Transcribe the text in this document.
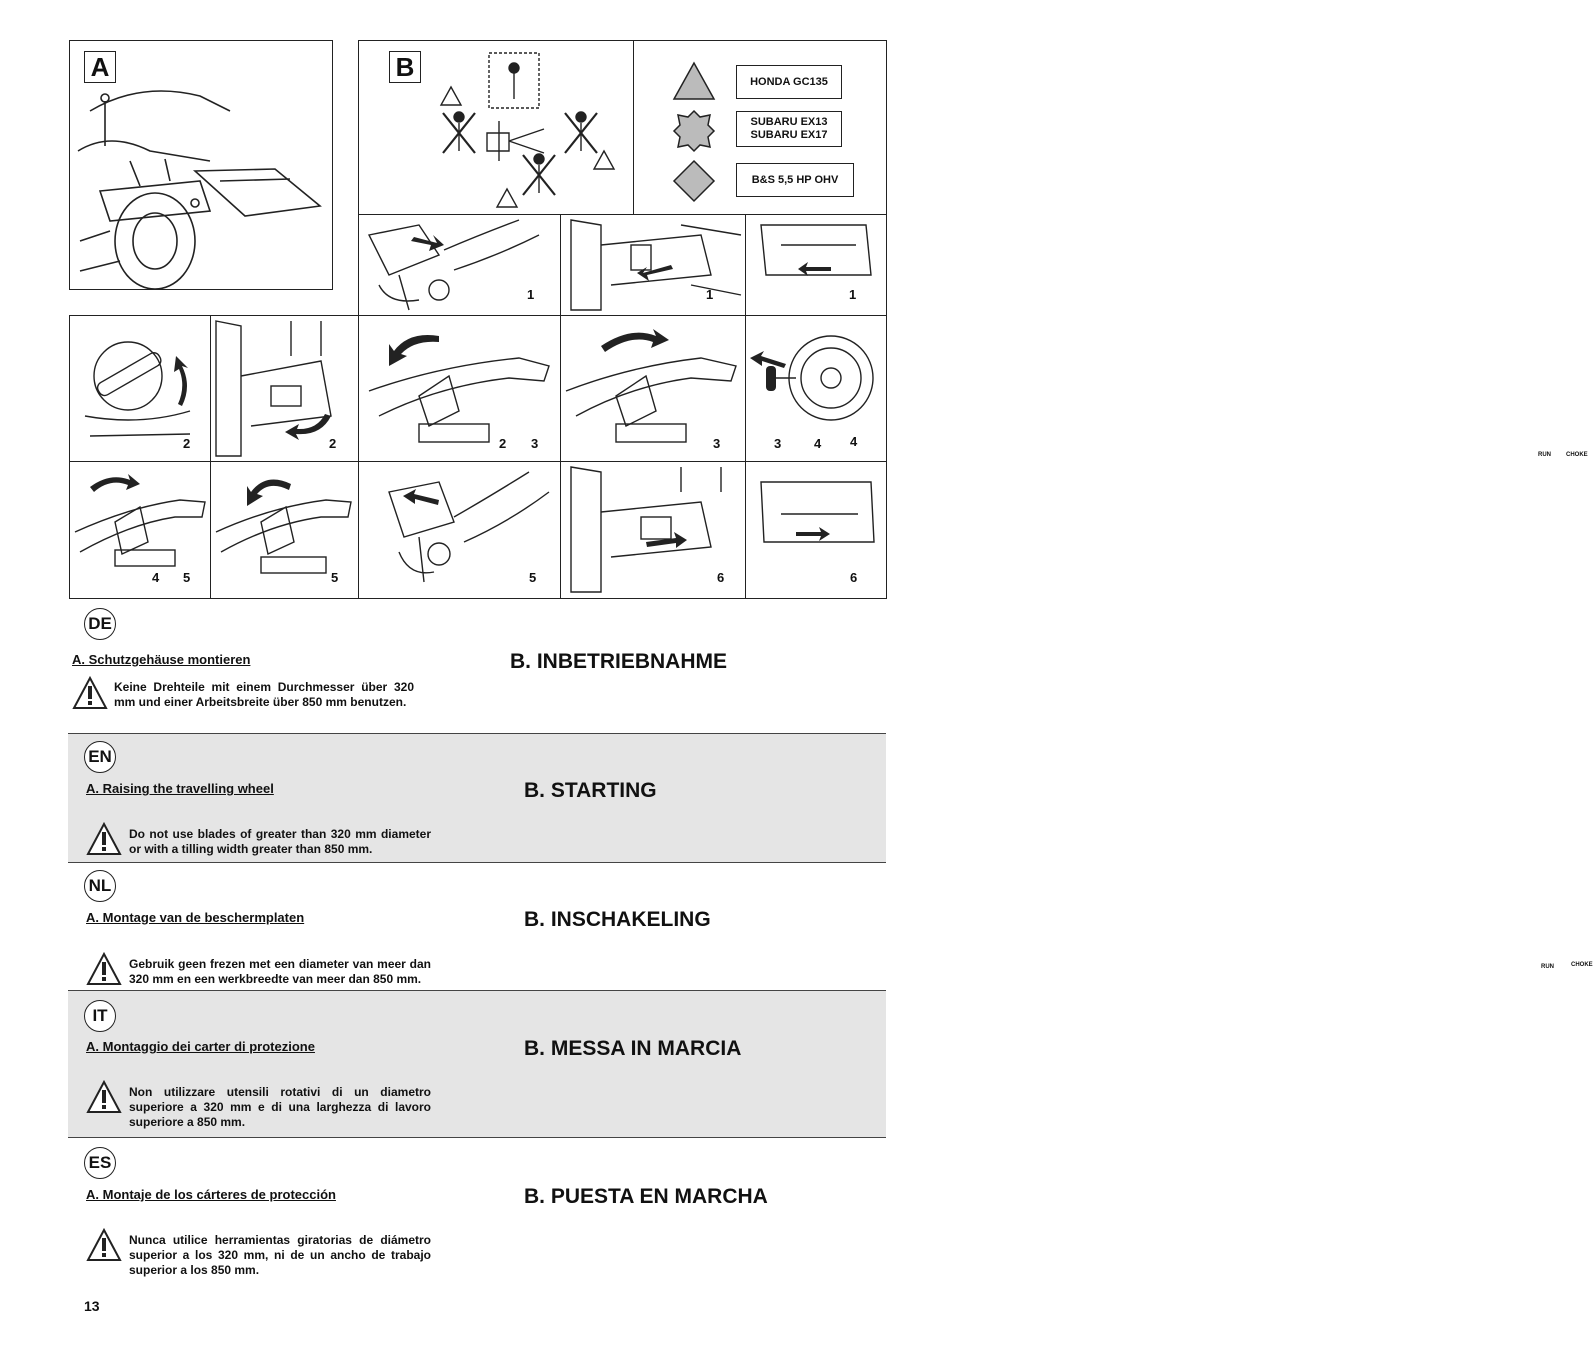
A	B	HONDA GC135
SUBARU EX13
SUBARU EX17
B&S 5,5 HP OHV
1	1
RUN	CHOKE
1
2	2	2 3	3	3	4 4
4 5	5	5	6
RUN	CHOKE
6
DE
A. Schutzgehäuse montieren
Keine Drehteile mit einem Durchmesser über 320 mm und einer Arbeitsbreite über 850 mm benutzen.
B. INBETRIEBNAHME
EN
A. Raising the travelling wheel
Do not use blades of greater than 320 mm diameter or with a tilling width greater than 850 mm.
B. STARTING
NL
A. Montage van de beschermplaten
Gebruik geen frezen met een diameter van meer dan 320 mm en een werkbreedte van meer dan 850 mm.
B. INSCHAKELING
IT
A. Montaggio dei carter di protezione
Non utilizzare utensili rotativi di un diametro superiore a 320 mm e di una larghezza di lavoro superiore a 850 mm.
B. MESSA IN MARCIA
ES
A. Montaje de los cárteres de protección
Nunca utilice herramientas giratorias de diámetro superior a los 320 mm, ni de un ancho de trabajo superior a los 850 mm.
B. PUESTA EN MARCHA
13
